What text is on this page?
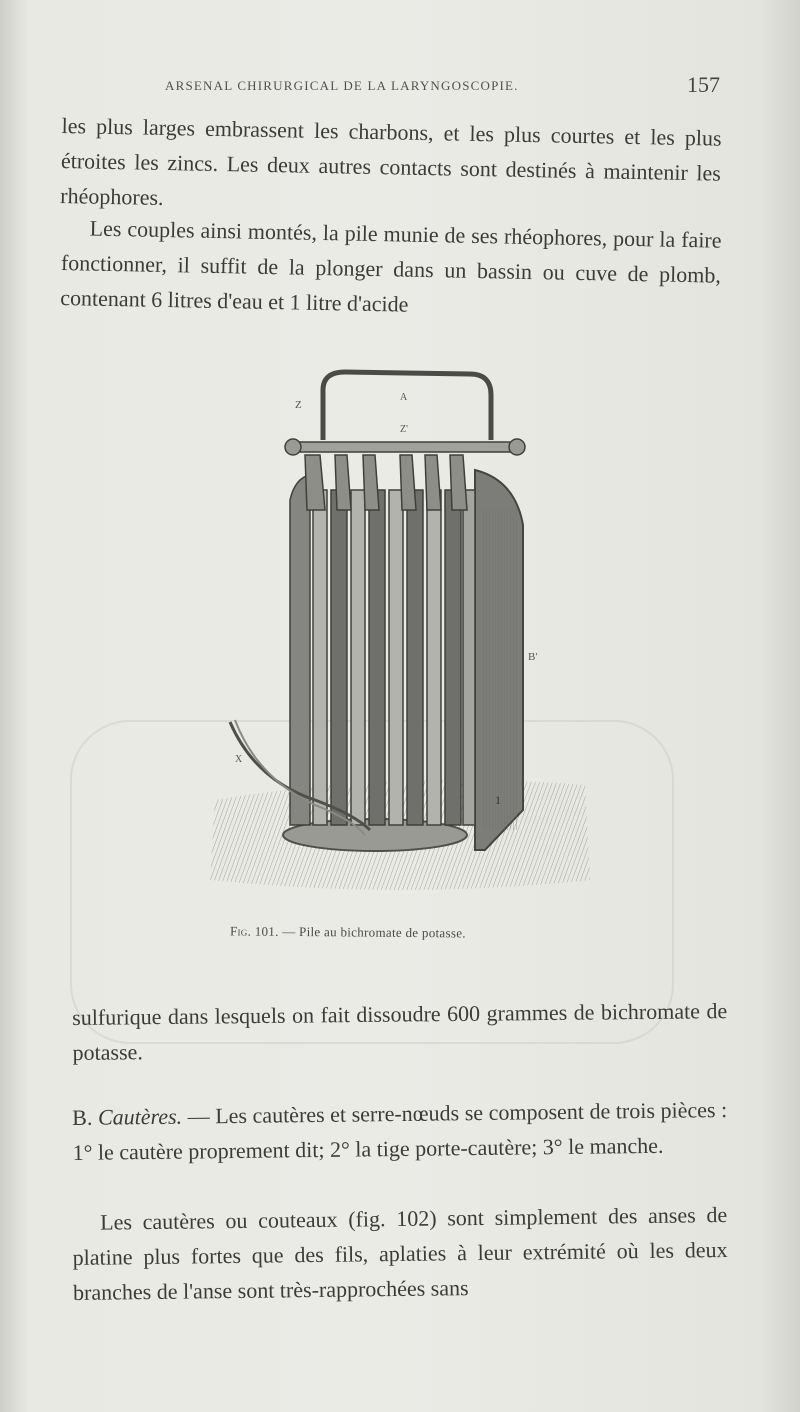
ARSENAL CHIRURGICAL DE LA LARYNGOSCOPIE.	157
les plus larges embrassent les charbons, et les plus courtes et les plus étroites les zincs. Les deux autres contacts sont destinés à maintenir les rhéophores.
Les couples ainsi montés, la pile munie de ses rhéophores, pour la faire fonctionner, il suffit de la plonger dans un bassin ou cuve de plomb, contenant 6 litres d'eau et 1 litre d'acide
Z
A
Z'
B'
X
1
Fig. 101. — Pile au bichromate de potasse.
sulfurique dans lesquels on fait dissoudre 600 grammes de bichromate de potasse.
B. Cautères. — Les cautères et serre-nœuds se composent de trois pièces : 1° le cautère proprement dit; 2° la tige porte-cautère; 3° le manche.
Les cautères ou couteaux (fig. 102) sont simplement des anses de platine plus fortes que des fils, aplaties à leur extrémité où les deux branches de l'anse sont très-rapprochées sans
